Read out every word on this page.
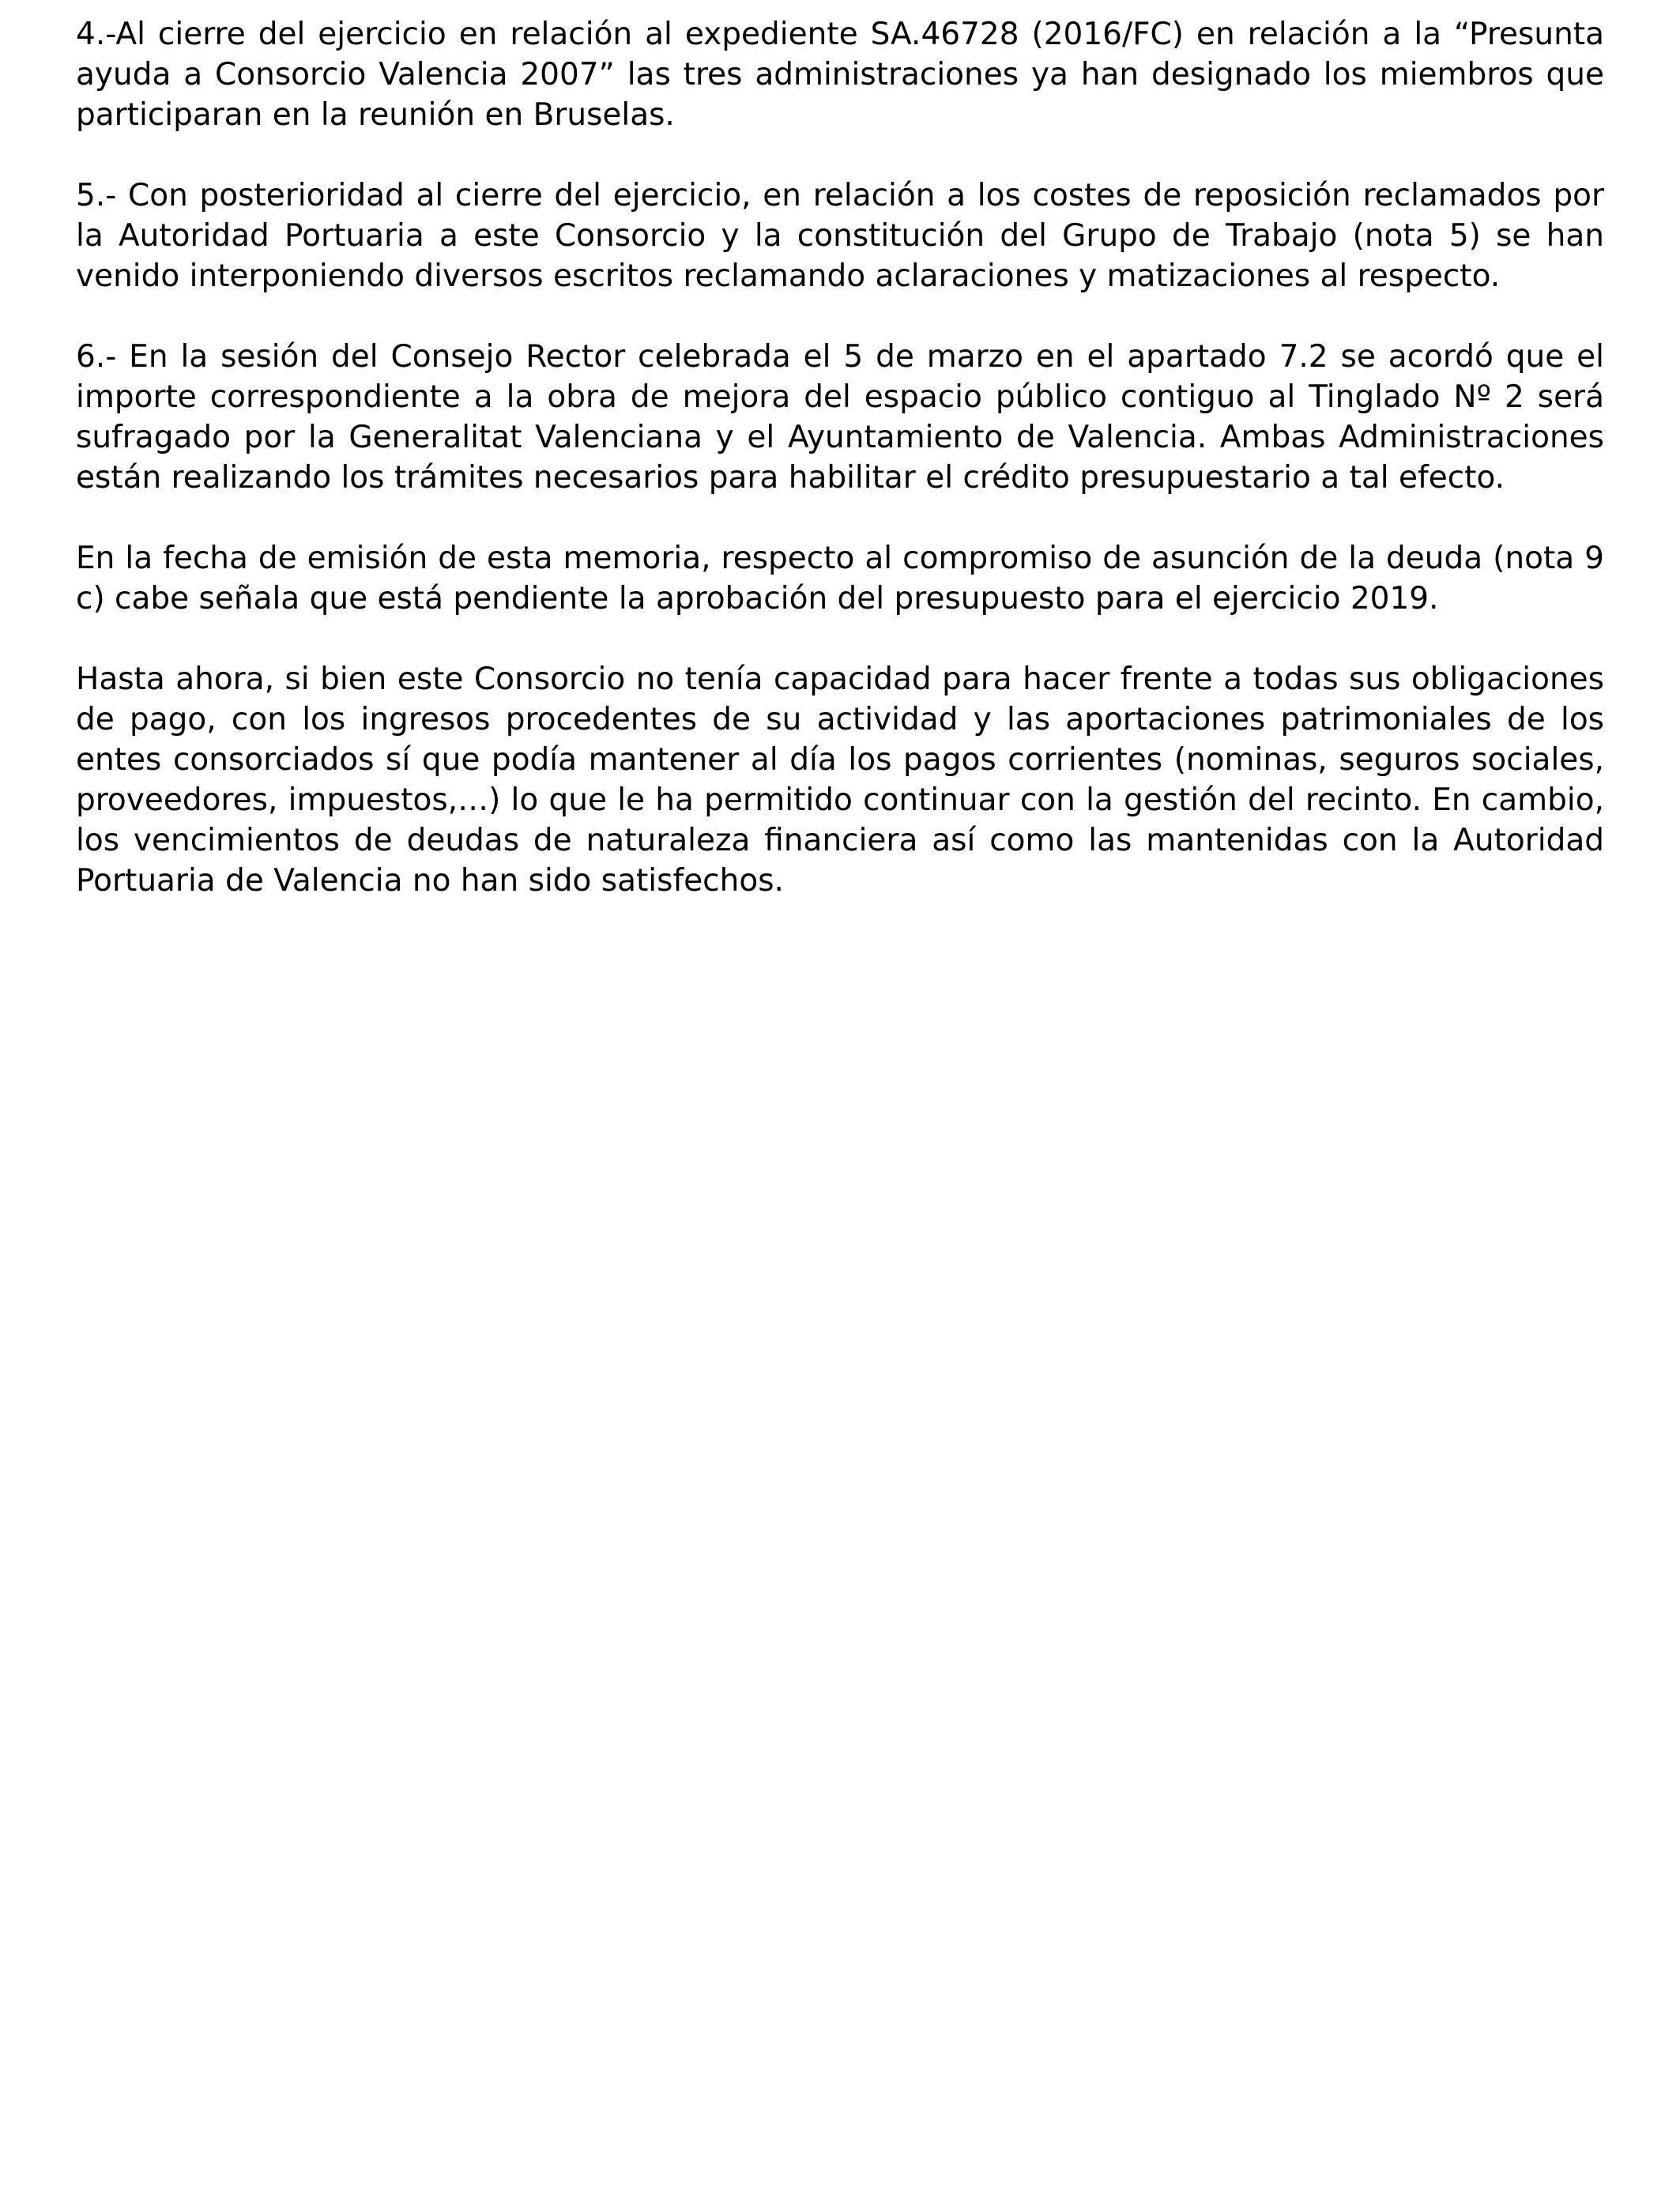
4.-Al cierre del ejercicio en relación al expediente SA.46728 (2016/FC) en relación a la “Presunta ayuda a Consorcio Valencia 2007” las tres administraciones ya han designado los miembros que participaran en la reunión en Bruselas.

5.- Con posterioridad al cierre del ejercicio, en relación a los costes de reposición reclamados por la Autoridad Portuaria a este Consorcio y la constitución del Grupo de Trabajo (nota 5) se han venido interponiendo diversos escritos reclamando aclaraciones y matizaciones al respecto.

6.- En la sesión del Consejo Rector celebrada el 5 de marzo en el apartado 7.2 se acordó que el importe correspondiente a la obra de mejora del espacio público contiguo al Tinglado Nº 2 será sufragado por la Generalitat Valenciana y el Ayuntamiento de Valencia. Ambas Administraciones están realizando los trámites necesarios para habilitar el crédito presupuestario a tal efecto.

En la fecha de emisión de esta memoria, respecto al compromiso de asunción de la deuda (nota 9 c) cabe señala que está pendiente la aprobación del presupuesto para el ejercicio 2019.

Hasta ahora, si bien este Consorcio no tenía capacidad para hacer frente a todas sus obligaciones de pago, con los ingresos procedentes de su actividad y las aportaciones patrimoniales de los entes consorciados sí que podía mantener al día los pagos corrientes (nominas, seguros sociales, proveedores, impuestos,…) lo que le ha permitido continuar con la gestión del recinto. En cambio, los vencimientos de deudas de naturaleza financiera así como las mantenidas con la Autoridad Portuaria de Valencia no han sido satisfechos.
